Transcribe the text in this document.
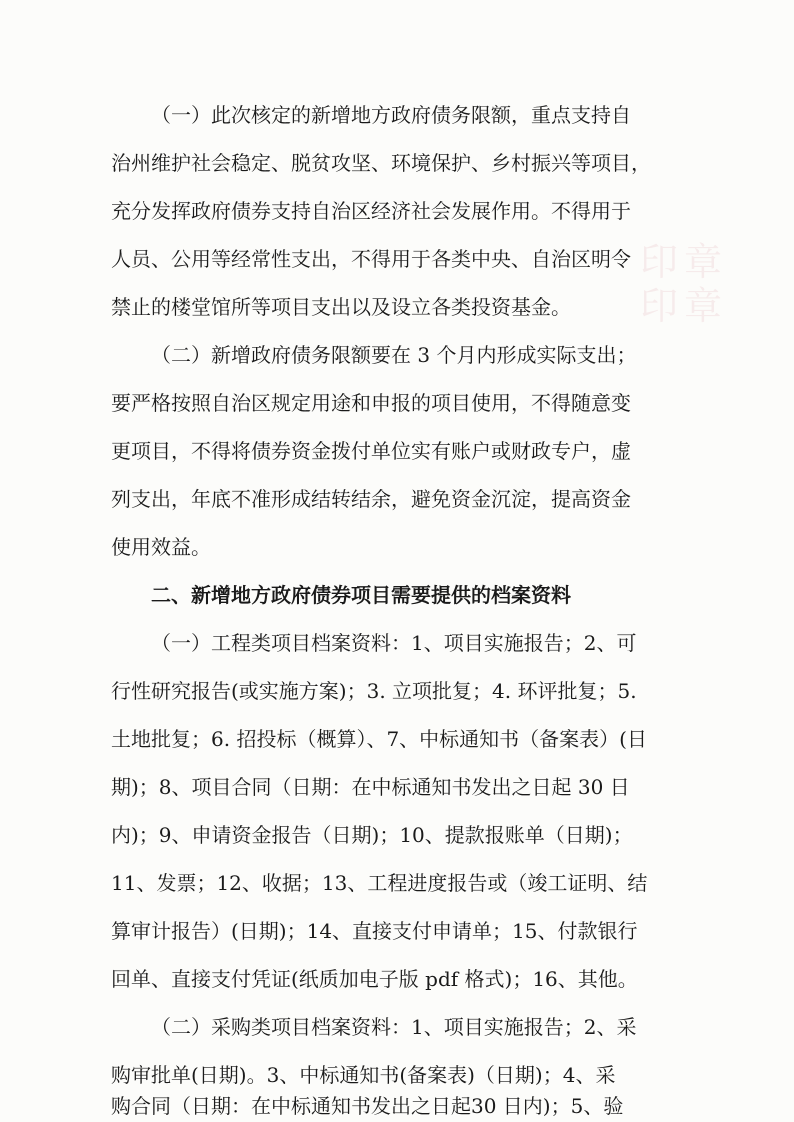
印章
印章
（一）此次核定的新增地方政府债务限额，重点支持自
治州维护社会稳定、脱贫攻坚、环境保护、乡村振兴等项目，
充分发挥政府债券支持自治区经济社会发展作用。不得用于
人员、公用等经常性支出，不得用于各类中央、自治区明令
禁止的楼堂馆所等项目支出以及设立各类投资基金。
（二）新增政府债务限额要在 3 个月内形成实际支出；
要严格按照自治区规定用途和申报的项目使用，不得随意变
更项目，不得将债券资金拨付单位实有账户或财政专户，虚
列支出，年底不准形成结转结余，避免资金沉淀，提高资金
使用效益。
二、新增地方政府债券项目需要提供的档案资料
（一）工程类项目档案资料：1、项目实施报告；2、可
行性研究报告(或实施方案)；3. 立项批复；4. 环评批复；5.
土地批复；6. 招投标（概算）、7、中标通知书（备案表）(日
期)；8、项目合同（日期：在中标通知书发出之日起 30 日
内)；9、申请资金报告（日期)；10、提款报账单（日期)；
11、发票；12、收据；13、工程进度报告或（竣工证明、结
算审计报告）(日期)；14、直接支付申请单；15、付款银行
回单、直接支付凭证(纸质加电子版 pdf 格式)；16、其他。
（二）采购类项目档案资料：1、项目实施报告；2、采
购审批单(日期)。3、中标通知书(备案表)（日期)；4、采
购合同（日期：在中标通知书发出之日起30 日内)；5、验
